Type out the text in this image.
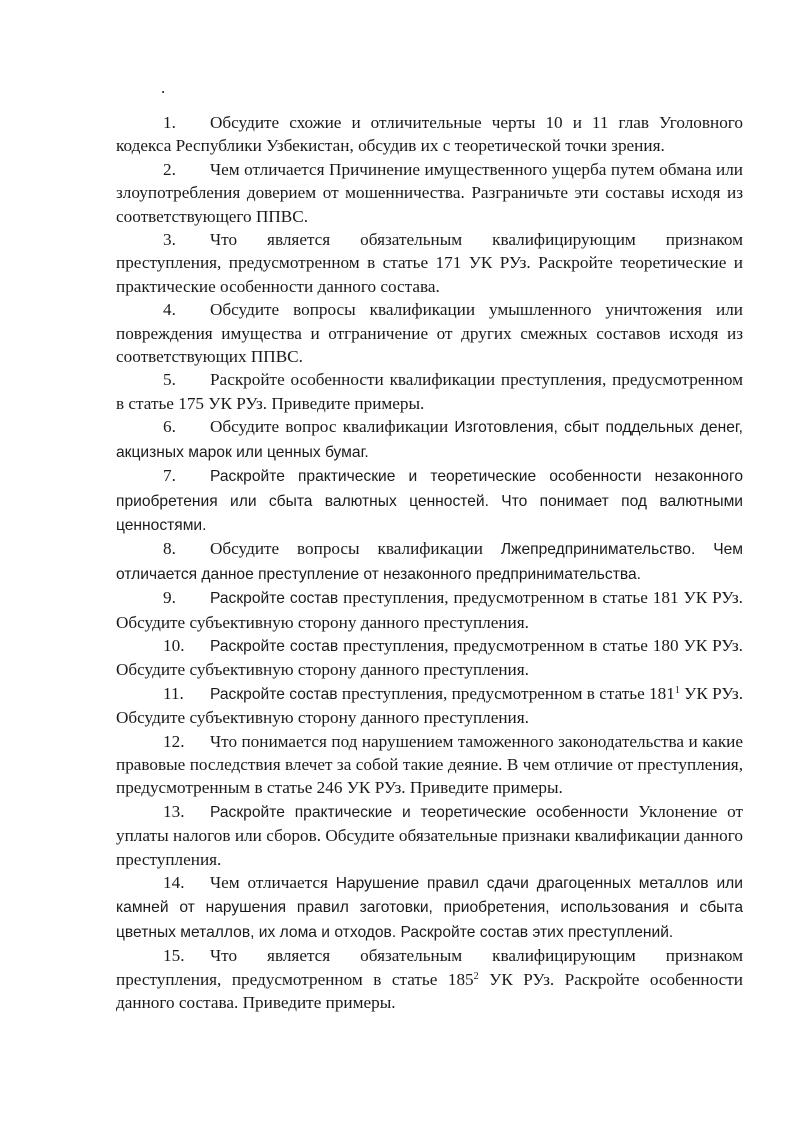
.
1. Обсудите схожие и отличительные черты 10 и 11 глав Уголовного кодекса Республики Узбекистан, обсудив их с теоретической точки зрения.
2. Чем отличается Причинение имущественного ущерба путем обмана или злоупотребления доверием от мошенничества. Разграничьте эти составы исходя из соответствующего ППВС.
3. Что является обязательным квалифицирующим признаком преступления, предусмотренном в статье 171 УК РУз. Раскройте теоретические и практические особенности данного состава.
4. Обсудите вопросы квалификации умышленного уничтожения или повреждения имущества и отграничение от других смежных составов исходя из соответствующих ППВС.
5. Раскройте особенности квалификации преступления, предусмотренном в статье 175 УК РУз. Приведите примеры.
6. Обсудите вопрос квалификации Изготовления, сбыт поддельных денег, акцизных марок или ценных бумаг.
7. Раскройте практические и теоретические особенности незаконного приобретения или сбыта валютных ценностей. Что понимает под валютными ценностями.
8. Обсудите вопросы квалификации Лжепредпринимательство. Чем отличается данное преступление от незаконного предпринимательства.
9. Раскройте состав преступления, предусмотренном в статье 181 УК РУз. Обсудите субъективную сторону данного преступления.
10. Раскройте состав преступления, предусмотренном в статье 180 УК РУз. Обсудите субъективную сторону данного преступления.
11. Раскройте состав преступления, предусмотренном в статье $181^1$ УК РУз. Обсудите субъективную сторону данного преступления.
12. Что понимается под нарушением таможенного законодательства и какие правовые последствия влечет за собой такие деяние. В чем отличие от преступления, предусмотренным в статье 246 УК РУз. Приведите примеры.
13. Раскройте практические и теоретические особенности Уклонение от уплаты налогов или сборов. Обсудите обязательные признаки квалификации данного преступления.
14. Чем отличается Нарушение правил сдачи драгоценных металлов или камней от нарушения правил заготовки, приобретения, использования и сбыта цветных металлов, их лома и отходов. Раскройте состав этих преступлений.
15. Что является обязательным квалифицирующим признаком преступления, предусмотренном в статье $185^2$ УК РУз. Раскройте особенности данного состава. Приведите примеры.
